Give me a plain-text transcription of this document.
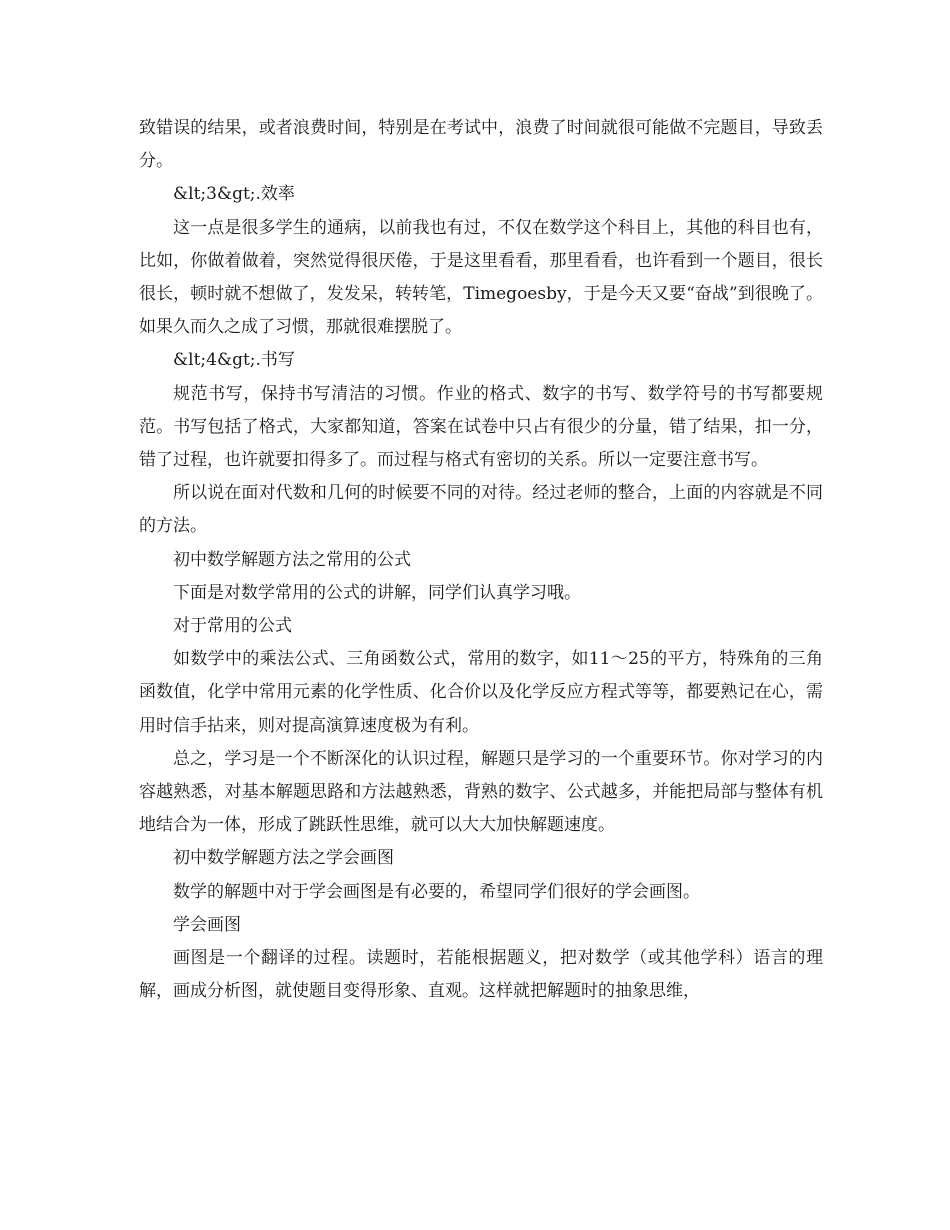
致错误的结果，或者浪费时间，特别是在考试中，浪费了时间就很可能做不完题目，导致丢分。

&lt;3&gt;.效率

这一点是很多学生的通病，以前我也有过，不仅在数学这个科目上，其他的科目也有，比如，你做着做着，突然觉得很厌倦，于是这里看看，那里看看，也许看到一个题目，很长很长，顿时就不想做了，发发呆，转转笔，Timegoesby，于是今天又要“奋战”到很晚了。如果久而久之成了习惯，那就很难摆脱了。

&lt;4&gt;.书写

规范书写，保持书写清洁的习惯。作业的格式、数字的书写、数学符号的书写都要规范。书写包括了格式，大家都知道，答案在试卷中只占有很少的分量，错了结果，扣一分，错了过程，也许就要扣得多了。而过程与格式有密切的关系。所以一定要注意书写。

所以说在面对代数和几何的时候要不同的对待。经过老师的整合，上面的内容就是不同的方法。

初中数学解题方法之常用的公式

下面是对数学常用的公式的讲解，同学们认真学习哦。

对于常用的公式

如数学中的乘法公式、三角函数公式，常用的数字，如11～25的平方，特殊角的三角函数值，化学中常用元素的化学性质、化合价以及化学反应方程式等等，都要熟记在心，需用时信手拈来，则对提高演算速度极为有利。

总之，学习是一个不断深化的认识过程，解题只是学习的一个重要环节。你对学习的内容越熟悉，对基本解题思路和方法越熟悉，背熟的数字、公式越多，并能把局部与整体有机地结合为一体，形成了跳跃性思维，就可以大大加快解题速度。

初中数学解题方法之学会画图

数学的解题中对于学会画图是有必要的，希望同学们很好的学会画图。

学会画图

画图是一个翻译的过程。读题时，若能根据题义，把对数学（或其他学科）语言的理解，画成分析图，就使题目变得形象、直观。这样就把解题时的抽象思维，
